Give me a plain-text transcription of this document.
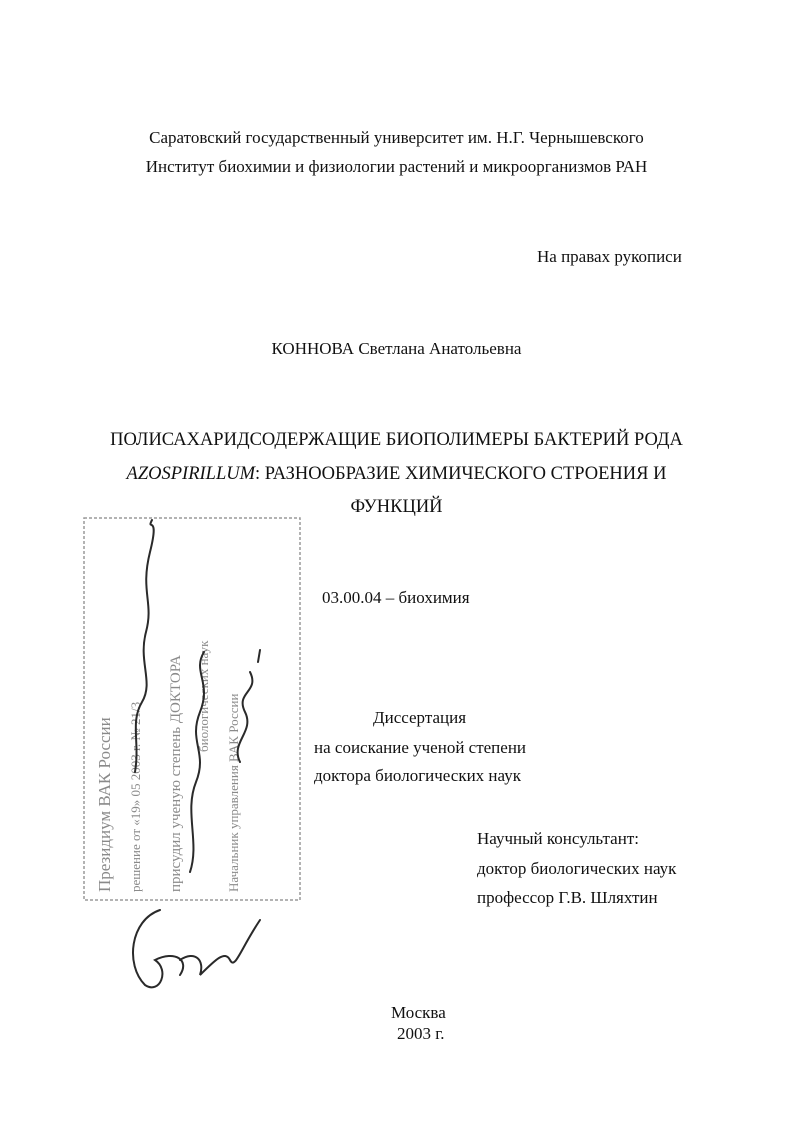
Саратовский государственный университет им. Н.Г. Чернышевского
Институт биохимии и физиологии растений и микроорганизмов РАН
На правах рукописи
КОННОВА Светлана Анатольевна
ПОЛИСАХАРИДСОДЕРЖАЩИЕ БИОПОЛИМЕРЫ БАКТЕРИЙ РОДА
AZOSPIRILLUM: РАЗНООБРАЗИЕ ХИМИЧЕСКОГО СТРОЕНИЯ И
ФУНКЦИЙ
03.00.04 – биохимия
Диссертация
на соискание ученой степени
доктора биологических наук
Научный консультант:
доктор биологических наук
профессор Г.В. Шляхтин
Москва
2003 г.
Президиум ВАК России решение от «19» 05 2003 г. № 21/3 присудил ученую степень ДОКТОРА биологических наук Начальник управления ВАК России
